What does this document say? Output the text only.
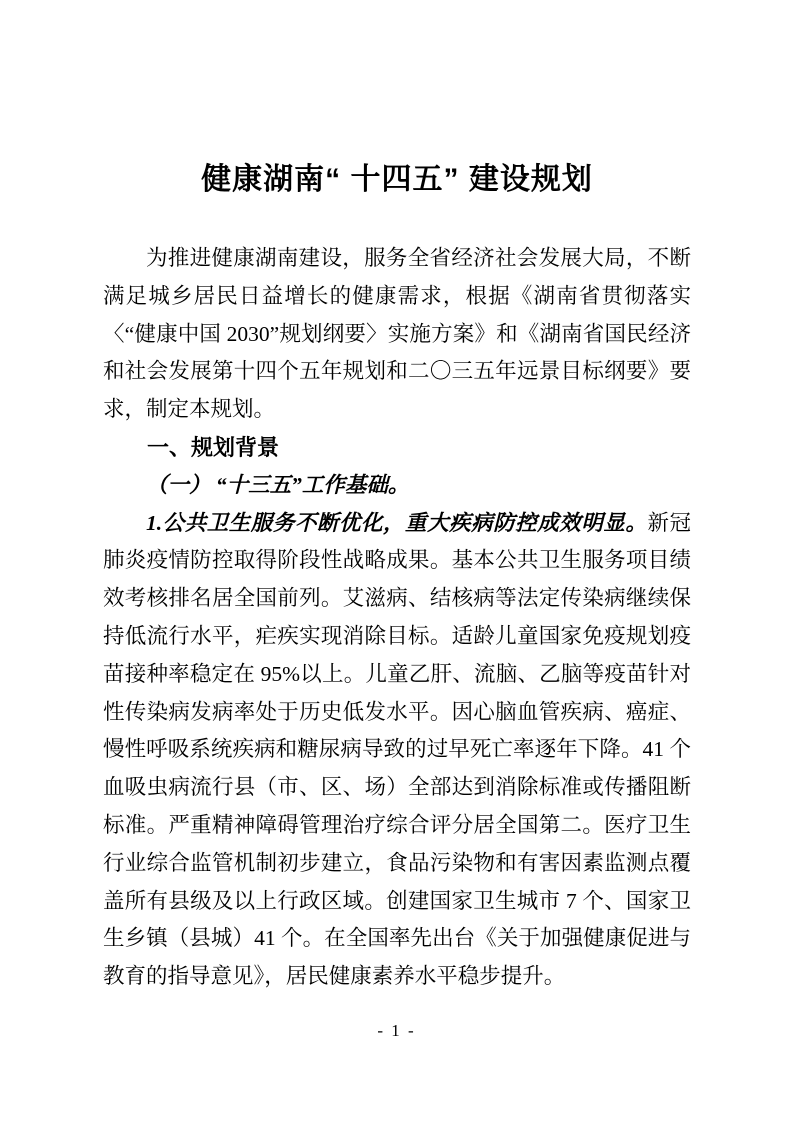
健康湖南“ 十四五” 建设规划

为推进健康湖南建设，服务全省经济社会发展大局，不断满足城乡居民日益增长的健康需求，根据《湖南省贯彻落实〈“健康中国 2030”规划纲要〉实施方案》和《湖南省国民经济和社会发展第十四个五年规划和二〇三五年远景目标纲要》要求，制定本规划。

一、规划背景
（一） “十三五”工作基础。

1.公共卫生服务不断优化，重大疾病防控成效明显。新冠肺炎疫情防控取得阶段性战略成果。基本公共卫生服务项目绩效考核排名居全国前列。艾滋病、结核病等法定传染病继续保持低流行水平，疟疾实现消除目标。适龄儿童国家免疫规划疫苗接种率稳定在 95%以上。儿童乙肝、流脑、乙脑等疫苗针对性传染病发病率处于历史低发水平。因心脑血管疾病、癌症、慢性呼吸系统疾病和糖尿病导致的过早死亡率逐年下降。41 个血吸虫病流行县（市、区、场）全部达到消除标准或传播阻断标准。严重精神障碍管理治疗综合评分居全国第二。医疗卫生行业综合监管机制初步建立，食品污染物和有害因素监测点覆盖所有县级及以上行政区域。创建国家卫生城市 7 个、国家卫生乡镇（县城）41 个。在全国率先出台《关于加强健康促进与教育的指导意见》，居民健康素养水平稳步提升。

- 1 -
